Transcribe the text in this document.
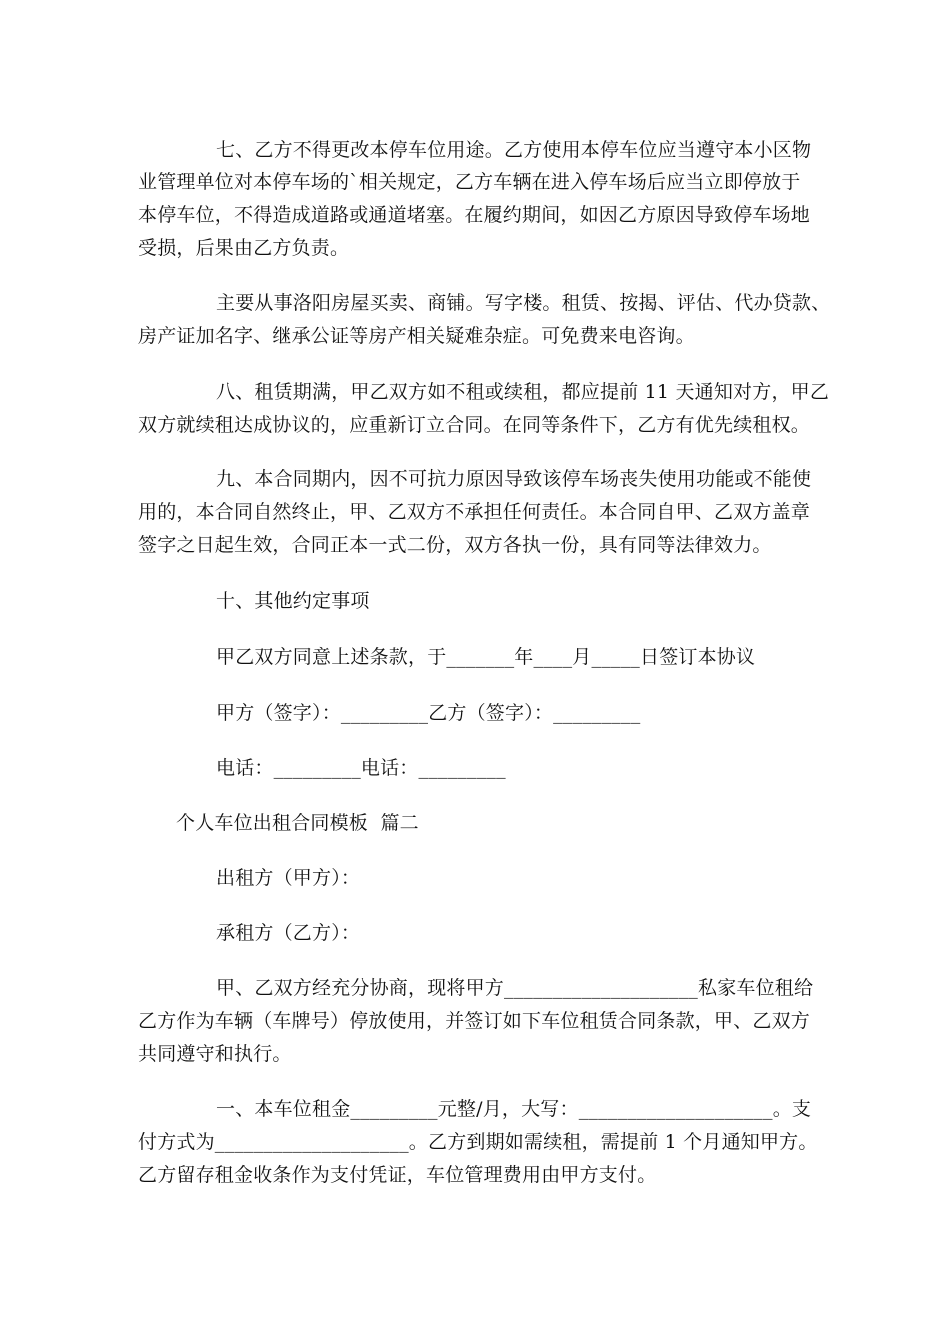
七、乙方不得更改本停车位用途。乙方使用本停车位应当遵守本小区物
业管理单位对本停车场的`相关规定，乙方车辆在进入停车场后应当立即停放于
本停车位，不得造成道路或通道堵塞。在履约期间，如因乙方原因导致停车场地
受损，后果由乙方负责。
主要从事洛阳房屋买卖、商铺。写字楼。租赁、按揭、评估、代办贷款、
房产证加名字、继承公证等房产相关疑难杂症。可免费来电咨询。
八、租赁期满，甲乙双方如不租或续租，都应提前 11 天通知对方，甲乙
双方就续租达成协议的，应重新订立合同。在同等条件下，乙方有优先续租权。
九、本合同期内，因不可抗力原因导致该停车场丧失使用功能或不能使
用的，本合同自然终止，甲、乙双方不承担任何责任。本合同自甲、乙双方盖章
签字之日起生效，合同正本一式二份，双方各执一份，具有同等法律效力。
十、其他约定事项
甲乙双方同意上述条款，于_______年____月_____日签订本协议
甲方（签字）：_________乙方（签字）：_________
电话：_________电话：_________
个人车位出租合同模板  篇二
出租方（甲方）：
承租方（乙方）：
甲、乙双方经充分协商，现将甲方____________________私家车位租给
乙方作为车辆（车牌号）停放使用，并签订如下车位租赁合同条款，甲、乙双方
共同遵守和执行。
一、本车位租金_________元整/月，大写：____________________。支
付方式为____________________。乙方到期如需续租，需提前 1 个月通知甲方。
乙方留存租金收条作为支付凭证，车位管理费用由甲方支付。
